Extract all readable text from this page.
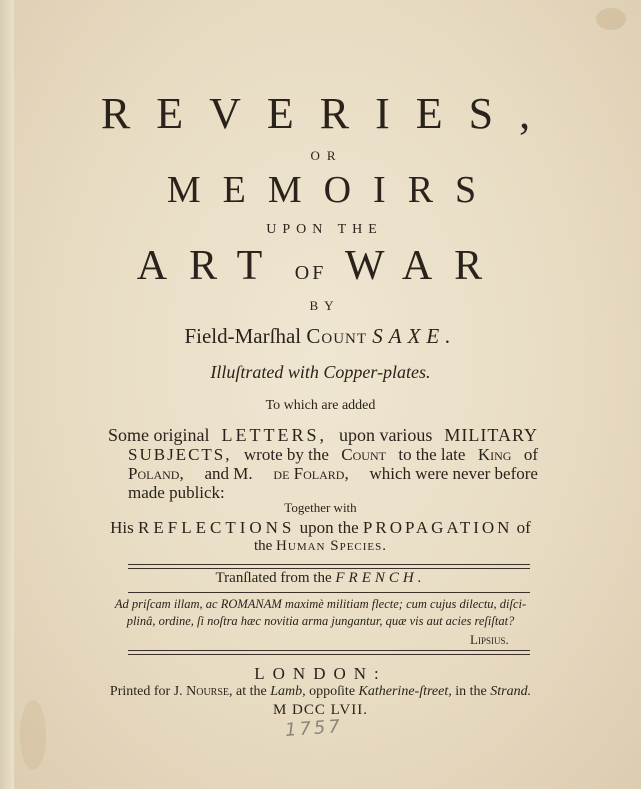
REVERIES,
OR
MEMOIRS
UPON THE
ART OF WAR
BY
Field-Marſhal Count SAXE.
Illuſtrated with Copper-plates.
To which are added
Some original LETTERS, upon various MILITARY
SUBJECTS, wrote by the Count to the late King of
Poland, and M. de Folard, which were never before
made publick:
Together with
His REFLECTIONS upon the PROPAGATION of
the Human Species.
Tranſlated from the FRENCH.
Ad priſcam illam, ac ROMANAM maximè militiam flecte; cum cujus dilectu, diſci-
plinâ, ordine, ſi noſtra hæc novitia arma jungantur, quæ vis aut acies reſiſtat?
Lipsius.
LONDON:
Printed for J. Nourse, at the Lamb, oppoſite Katherine-ſtreet, in the Strand.
M DCC LVII.
1757
